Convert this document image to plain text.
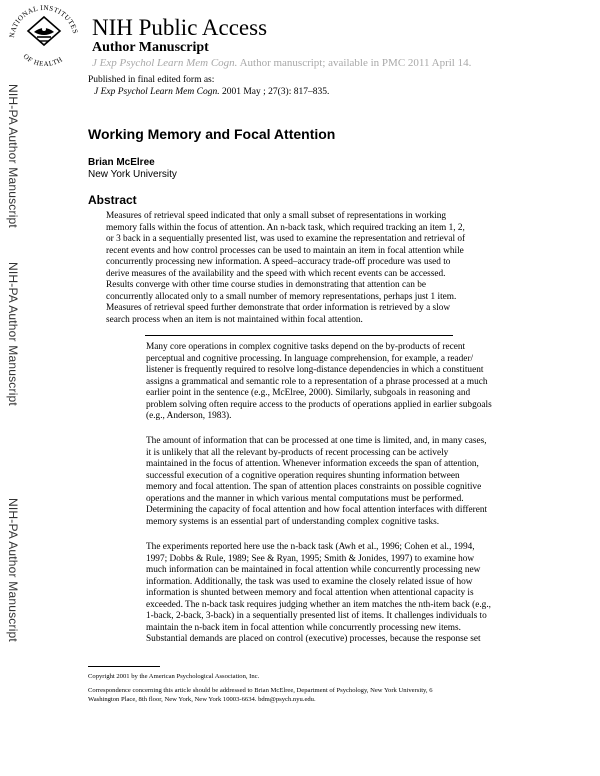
NATIONAL INSTITUTES
OF HEALTH
NIH Public Access
Author Manuscript
J Exp Psychol Learn Mem Cogn. Author manuscript; available in PMC 2011 April 14.
NIH-PA Author Manuscript
NIH-PA Author Manuscript
NIH-PA Author Manuscript
Published in final edited form as:
J Exp Psychol Learn Mem Cogn. 2001 May ; 27(3): 817–835.
Working Memory and Focal Attention
Brian McElree
New York University
Abstract
Measures of retrieval speed indicated that only a small subset of representations in working
memory falls within the focus of attention. An n-back task, which required tracking an item 1, 2,
or 3 back in a sequentially presented list, was used to examine the representation and retrieval of
recent events and how control processes can be used to maintain an item in focal attention while
concurrently processing new information. A speed–accuracy trade-off procedure was used to
derive measures of the availability and the speed with which recent events can be accessed.
Results converge with other time course studies in demonstrating that attention can be
concurrently allocated only to a small number of memory representations, perhaps just 1 item.
Measures of retrieval speed further demonstrate that order information is retrieved by a slow
search process when an item is not maintained within focal attention.
Many core operations in complex cognitive tasks depend on the by-products of recent
perceptual and cognitive processing. In language comprehension, for example, a reader/
listener is frequently required to resolve long-distance dependencies in which a constituent
assigns a grammatical and semantic role to a representation of a phrase processed at a much
earlier point in the sentence (e.g., McElree, 2000). Similarly, subgoals in reasoning and
problem solving often require access to the products of operations applied in earlier subgoals
(e.g., Anderson, 1983).
The amount of information that can be processed at one time is limited, and, in many cases,
it is unlikely that all the relevant by-products of recent processing can be actively
maintained in the focus of attention. Whenever information exceeds the span of attention,
successful execution of a cognitive operation requires shunting information between
memory and focal attention. The span of attention places constraints on possible cognitive
operations and the manner in which various mental computations must be performed.
Determining the capacity of focal attention and how focal attention interfaces with different
memory systems is an essential part of understanding complex cognitive tasks.
The experiments reported here use the n-back task (Awh et al., 1996; Cohen et al., 1994,
1997; Dobbs & Rule, 1989; See & Ryan, 1995; Smith & Jonides, 1997) to examine how
much information can be maintained in focal attention while concurrently processing new
information. Additionally, the task was used to examine the closely related issue of how
information is shunted between memory and focal attention when attentional capacity is
exceeded. The n-back task requires judging whether an item matches the nth-item back (e.g.,
1-back, 2-back, 3-back) in a sequentially presented list of items. It challenges individuals to
maintain the n-back item in focal attention while concurrently processing new items.
Substantial demands are placed on control (executive) processes, because the response set
Copyright 2001 by the American Psychological Association, Inc.
Correspondence concerning this article should be addressed to Brian McElree, Department of Psychology, New York University, 6
Washington Place, 8th floor, New York, New York 10003-6634. bdm@psych.nyu.edu.
